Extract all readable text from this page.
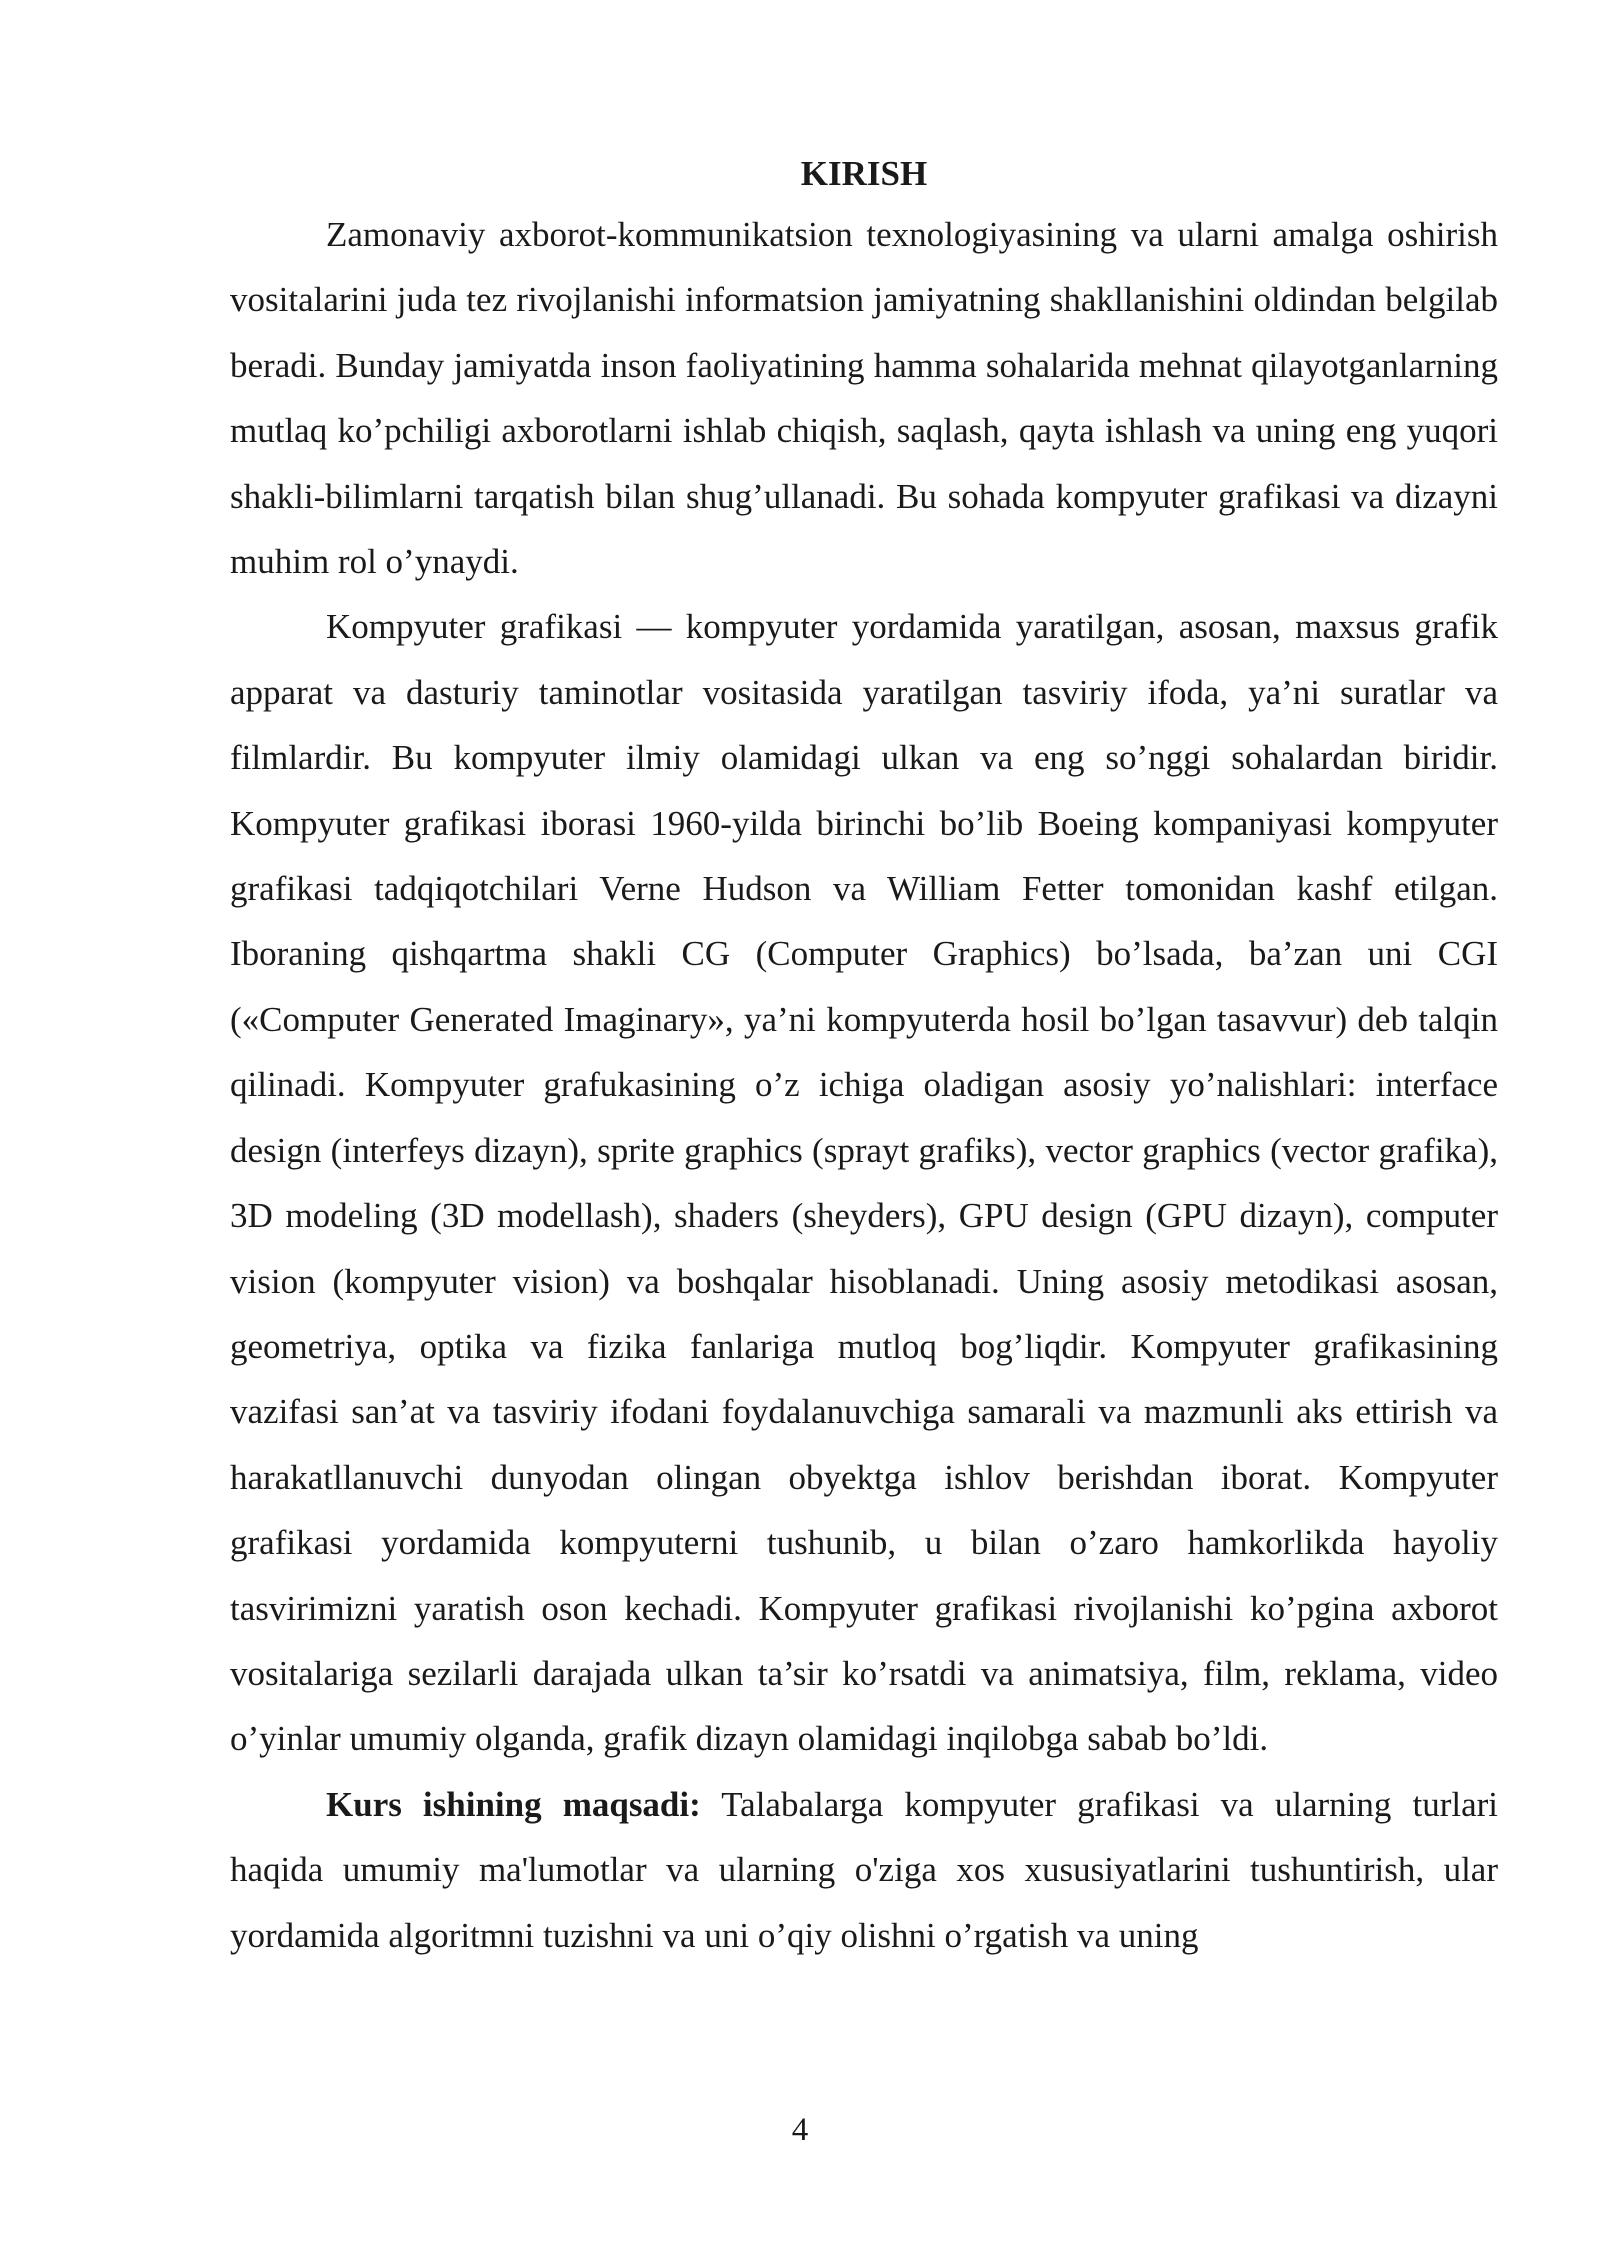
KIRISH

Zamonaviy axborot-kommunikatsion texnologiyasining va ularni amalga oshirish vositalarini juda tez rivojlanishi informatsion jamiyatning shakllanishini oldindan belgilab beradi. Bunday jamiyatda inson faoliyatining hamma sohalarida mehnat qilayotganlarning mutlaq ko’pchiligi axborotlarni ishlab chiqish, saqlash, qayta ishlash va uning eng yuqori shakli-bilimlarni tarqatish bilan shug’ullanadi. Bu sohada kompyuter grafikasi va dizayni muhim rol o’ynaydi.

Kompyuter grafikasi — kompyuter yordamida yaratilgan, asosan, maxsus grafik apparat va dasturiy taminotlar vositasida yaratilgan tasviriy ifoda, ya’ni suratlar va filmlardir. Bu kompyuter ilmiy olamidagi ulkan va eng so’nggi sohalardan biridir. Kompyuter grafikasi iborasi 1960-yilda birinchi bo’lib Boeing kompaniyasi kompyuter grafikasi tadqiqotchilari Verne Hudson va William Fetter tomonidan kashf etilgan. Iboraning qishqartma shakli CG (Computer Graphics) bo’lsada, ba’zan uni CGI («Computer Generated Imaginary», ya’ni kompyuterda hosil bo’lgan tasavvur) deb talqin qilinadi. Kompyuter grafukasining o’z ichiga oladigan asosiy yo’nalishlari: interface design (interfeys dizayn), sprite graphics (sprayt grafiks), vector graphics (vector grafika), 3D modeling (3D modellash), shaders (sheyders), GPU design (GPU dizayn), computer vision (kompyuter vision) va boshqalar hisoblanadi. Uning asosiy metodikasi asosan, geometriya, optika va fizika fanlariga mutloq bog’liqdir. Kompyuter grafikasining vazifasi san’at va tasviriy ifodani foydalanuvchiga samarali va mazmunli aks ettirish va harakatllanuvchi dunyodan olingan obyektga ishlov berishdan iborat. Kompyuter grafikasi yordamida kompyuterni tushunib, u bilan o’zaro hamkorlikda hayoliy tasvirimizni yaratish oson kechadi. Kompyuter grafikasi rivojlanishi ko’pgina axborot vositalariga sezilarli darajada ulkan ta’sir ko’rsatdi va animatsiya, film, reklama, video o’yinlar umumiy olganda, grafik dizayn olamidagi inqilobga sabab bo’ldi.

Kurs ishining maqsadi: Talabalarga kompyuter grafikasi va ularning turlari haqida umumiy ma'lumotlar va ularning o'ziga xos xususiyatlarini tushuntirish, ular yordamida algoritmni tuzishni va uni o’qiy olishni o’rgatish va uning

4
